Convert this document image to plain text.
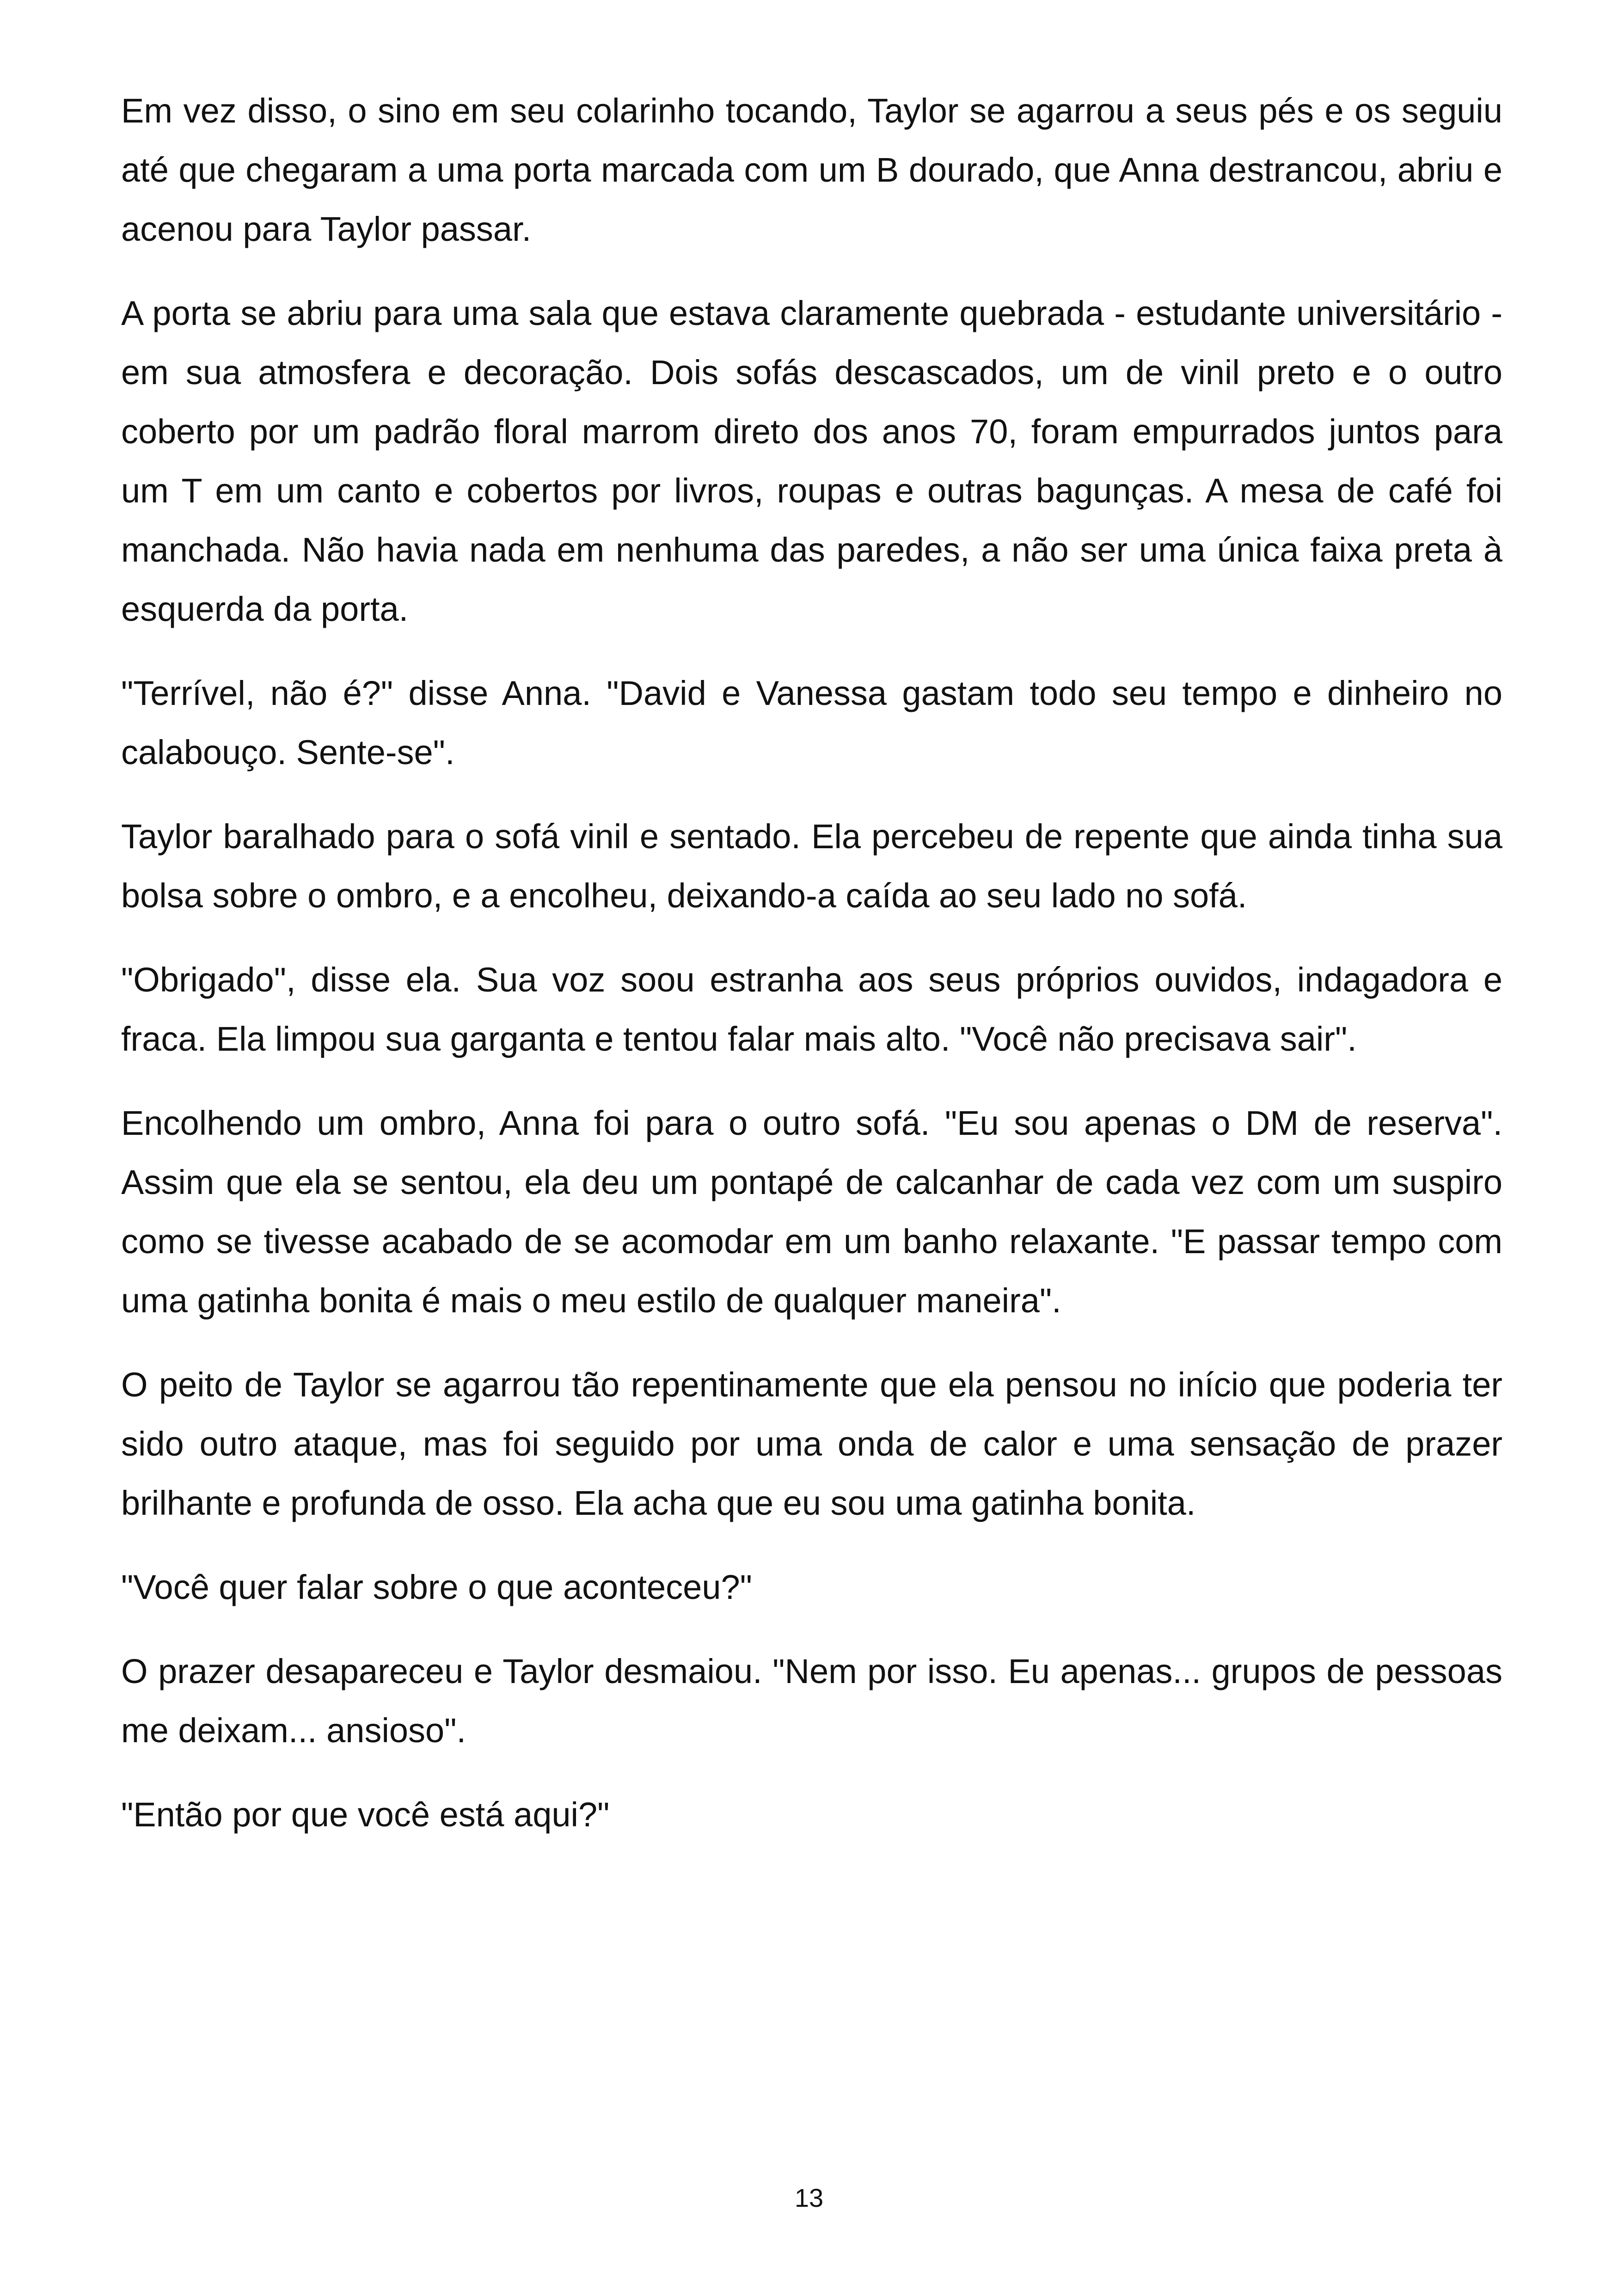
Em vez disso, o sino em seu colarinho tocando, Taylor se agarrou a seus pés e os seguiu até que chegaram a uma porta marcada com um B dourado, que Anna destrancou, abriu e acenou para Taylor passar.

A porta se abriu para uma sala que estava claramente quebrada - estudante universitário - em sua atmosfera e decoração. Dois sofás descascados, um de vinil preto e o outro coberto por um padrão floral marrom direto dos anos 70, foram empurrados juntos para um T em um canto e cobertos por livros, roupas e outras bagunças. A mesa de café foi manchada. Não havia nada em nenhuma das paredes, a não ser uma única faixa preta à esquerda da porta.

"Terrível, não é?" disse Anna. "David e Vanessa gastam todo seu tempo e dinheiro no calabouço. Sente-se".

Taylor baralhado para o sofá vinil e sentado. Ela percebeu de repente que ainda tinha sua bolsa sobre o ombro, e a encolheu, deixando-a caída ao seu lado no sofá.

"Obrigado", disse ela. Sua voz soou estranha aos seus próprios ouvidos, indagadora e fraca. Ela limpou sua garganta e tentou falar mais alto. "Você não precisava sair".

Encolhendo um ombro, Anna foi para o outro sofá. "Eu sou apenas o DM de reserva". Assim que ela se sentou, ela deu um pontapé de calcanhar de cada vez com um suspiro como se tivesse acabado de se acomodar em um banho relaxante. "E passar tempo com uma gatinha bonita é mais o meu estilo de qualquer maneira".

O peito de Taylor se agarrou tão repentinamente que ela pensou no início que poderia ter sido outro ataque, mas foi seguido por uma onda de calor e uma sensação de prazer brilhante e profunda de osso. Ela acha que eu sou uma gatinha bonita.

"Você quer falar sobre o que aconteceu?"

O prazer desapareceu e Taylor desmaiou. "Nem por isso. Eu apenas... grupos de pessoas me deixam... ansioso".

"Então por que você está aqui?"

13
